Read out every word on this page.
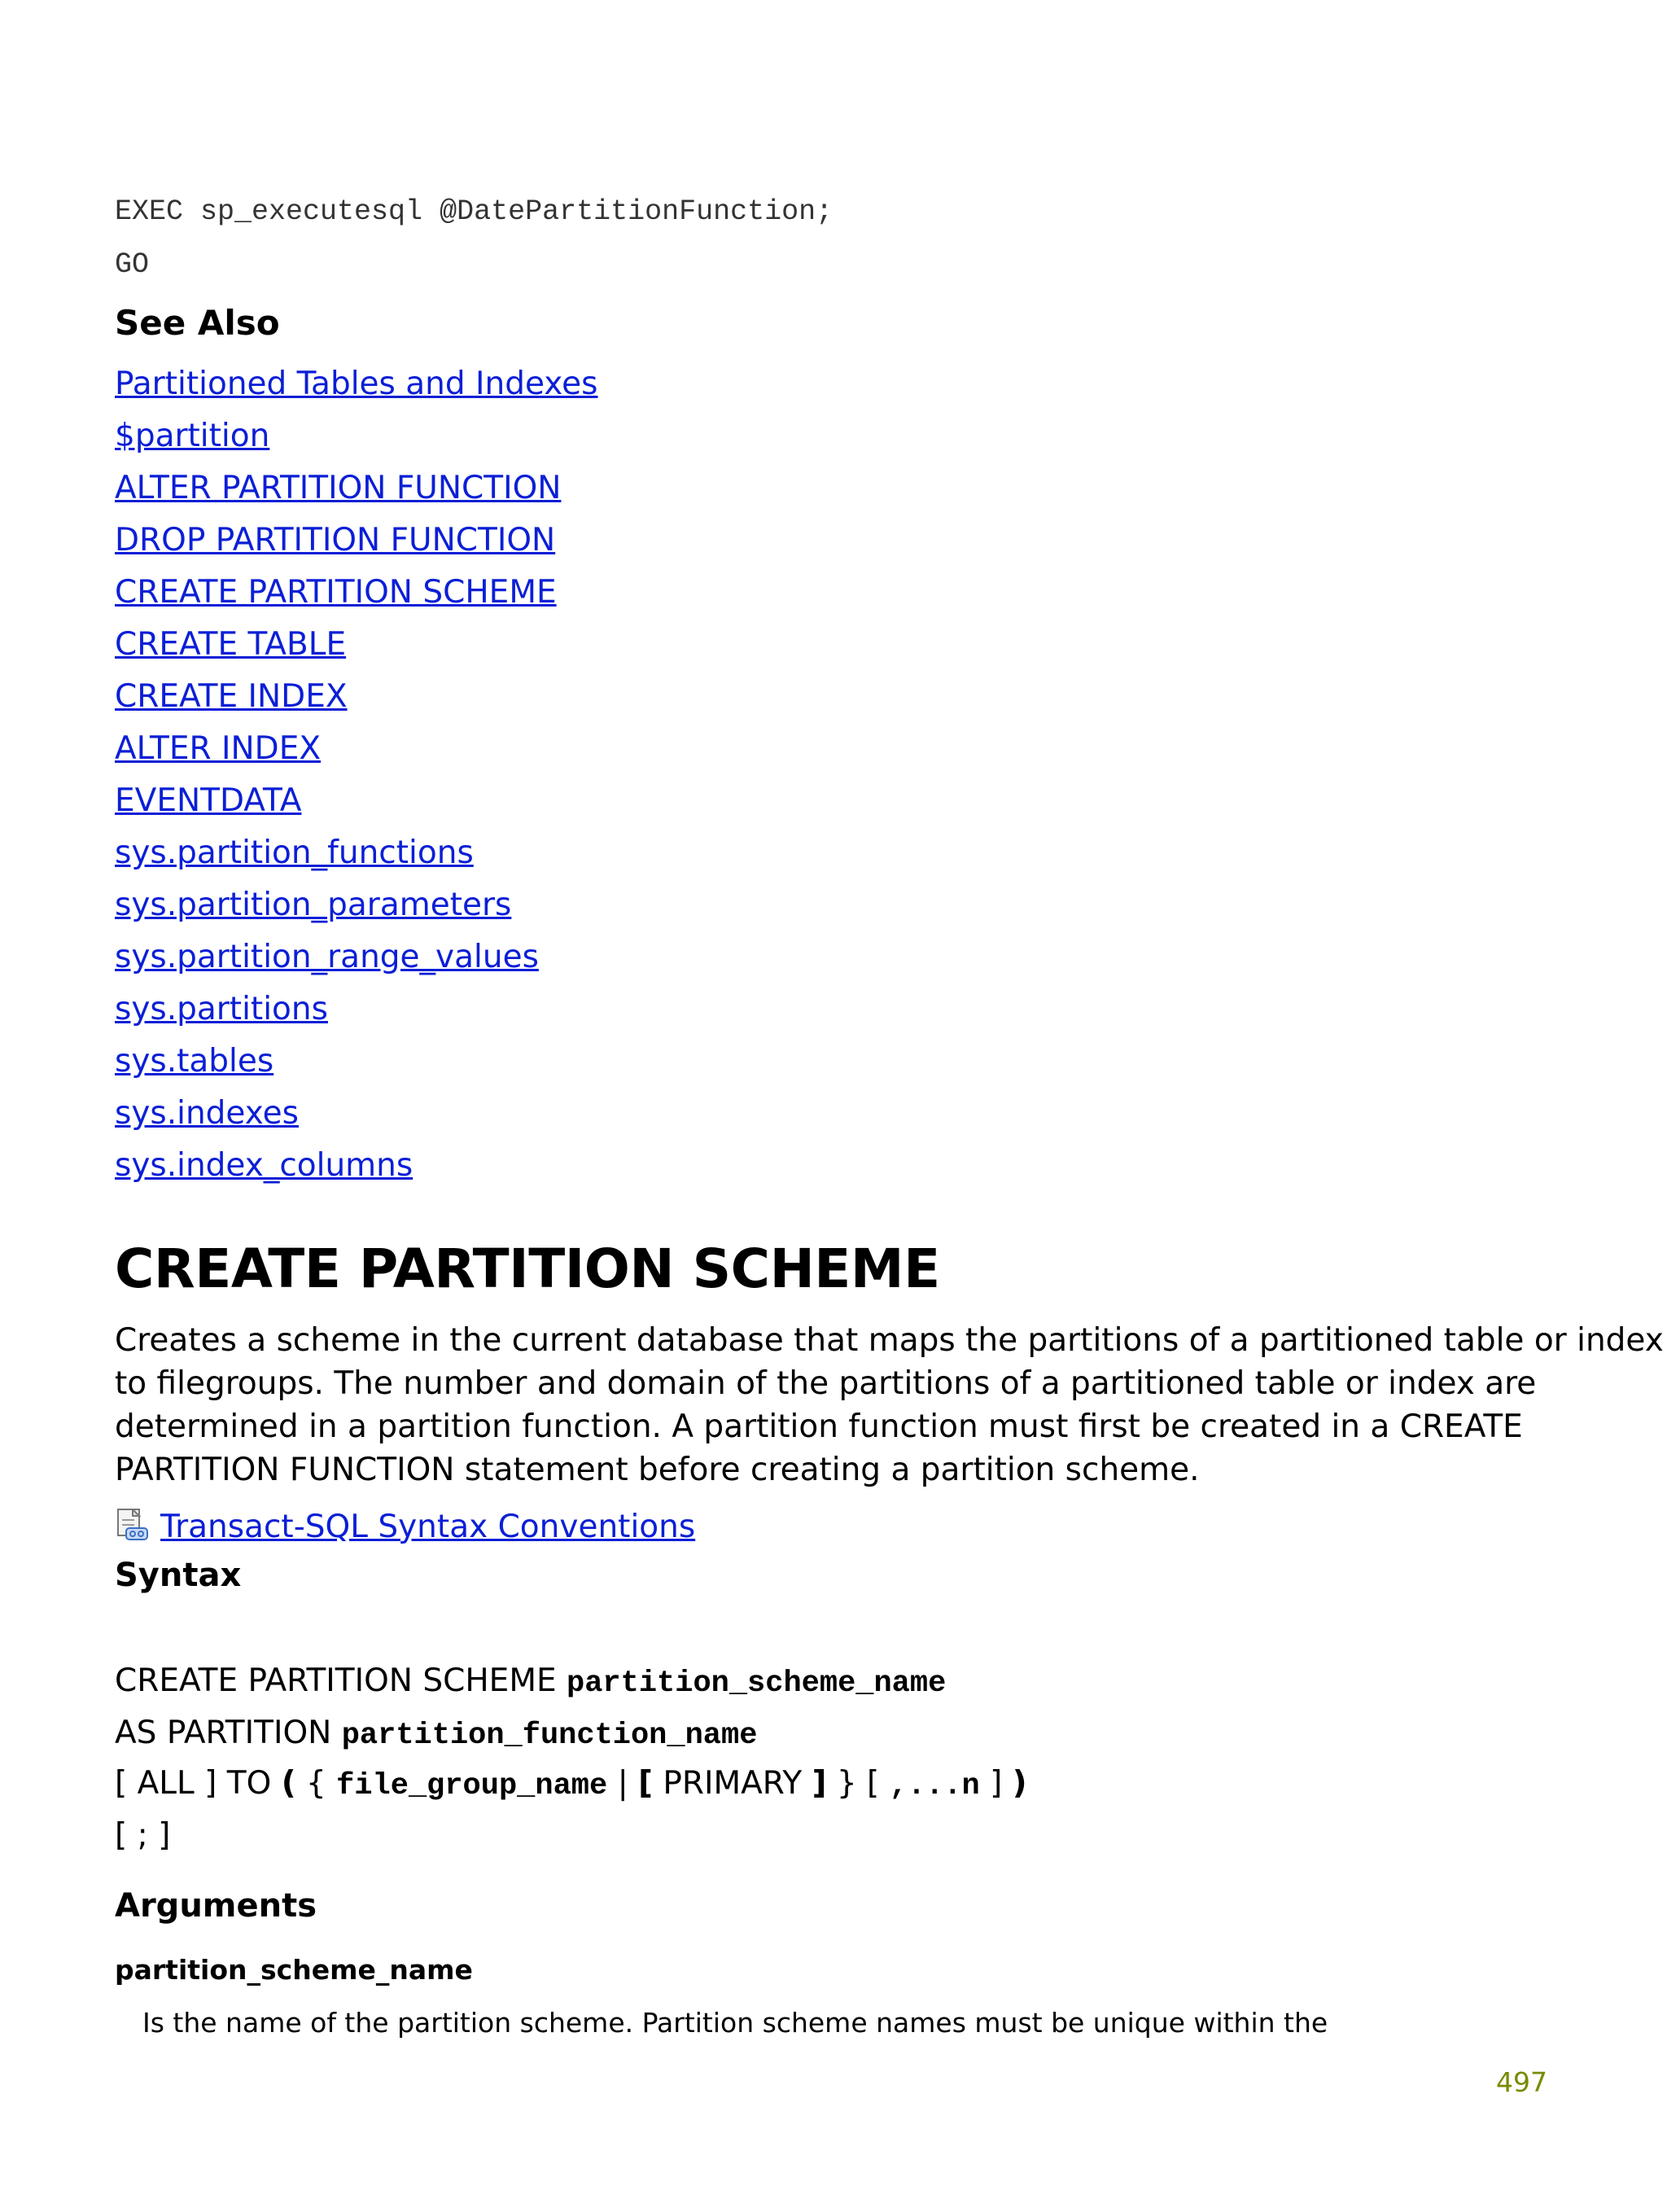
EXEC sp_executesql @DatePartitionFunction;
GO
See Also
Partitioned Tables and Indexes
$partition
ALTER PARTITION FUNCTION
DROP PARTITION FUNCTION
CREATE PARTITION SCHEME
CREATE TABLE
CREATE INDEX
ALTER INDEX
EVENTDATA
sys.partition_functions
sys.partition_parameters
sys.partition_range_values
sys.partitions
sys.tables
sys.indexes
sys.index_columns
CREATE PARTITION SCHEME

Creates a scheme in the current database that maps the partitions of a partitioned table or index

to filegroups. The number and domain of the partitions of a partitioned table or index are

determined in a partition function. A partition function must first be created in a CREATE

PARTITION FUNCTION statement before creating a partition scheme.

Transact-SQL Syntax Conventions
Syntax
CREATE PARTITION SCHEME partition_scheme_name
AS PARTITION partition_function_name
[ ALL ] TO ( { file_group_name | [ PRIMARY ] } [ ,...n ] )
[ ; ]
Arguments
partition_scheme_name
Is the name of the partition scheme. Partition scheme names must be unique within the
497
